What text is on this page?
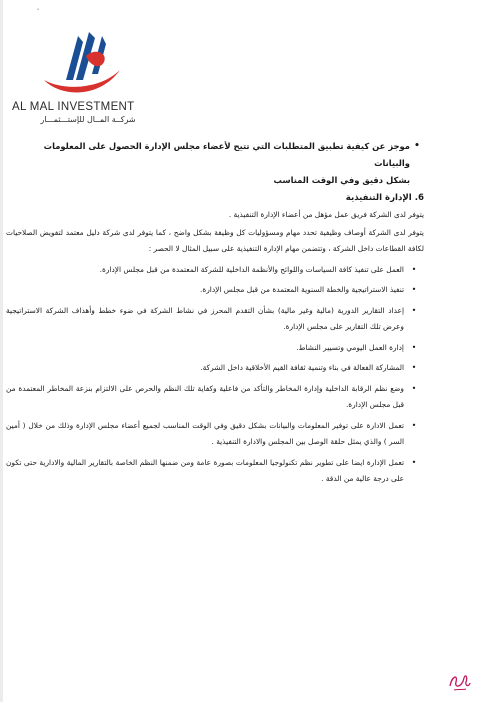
ˇ
AL MAL INVESTMENT
شركــة المــال للإستـــثمـــار
•
موجز عن كيفية تطبيق المتطلبات التي تتيح لأعضاء مجلس الإدارة الحصول على المعلومات والبيانات
بشكل دقيق وفي الوقت المناسب
6. الإدارة التنفيذية
يتوفر لدى الشركة فريق عمل مؤهل من أعضاء الإدارة التنفيذية .
يتوفر لدى الشركة أوصاف وظيفية تحدد مهام ومسؤوليات كل وظيفة بشكل واضح ، كما يتوفر لدى شركة دليل معتمد لتفويض الصلاحيات لكافة القطاعات داخل الشركة ، وتتضمن مهام الإدارة التنفيذية على سبيل المثال لا الحصر :
•
العمل على تنفيذ كافة السياسات واللوائح والأنظمة الداخلية للشركة المعتمدة من قبل مجلس الإدارة.
•
تنفيذ الاستراتيجية والخطة السنوية المعتمدة من قبل مجلس الإدارة.
•
إعداد التقارير الدورية (مالية وغير مالية) بشأن التقدم المحرز في نشاط الشركة في ضوء خطط وأهداف الشركة الاستراتيجية وعرض تلك التقارير على مجلس الإدارة.
•
إدارة العمل اليومي وتسيير النشاط.
•
المشاركة الفعالة في بناء وتنمية ثقافة القيم الأخلاقية داخل الشركة.
•
وضع نظم الرقابة الداخلية وإدارة المخاطر والتأكد من فاعلية وكفاية تلك النظم والحرص على الالتزام بنزعة المخاطر المعتمدة من قبل مجلس الإدارة.
•
تعمل الادارة على توفير المعلومات والبيانات بشكل دقيق وفي الوقت المناسب لجميع أعضاء مجلس الإدارة وذلك من خلال ( أمين السر ) والذي يمثل حلقة الوصل بين المجلس والادارة التنفيذية .
•
تعمل الإدارة ايضا على تطوير نظم تكنولوجيا المعلومات بصورة عامة ومن ضمنها النظم الخاصة بالتقارير المالية والادارية حتى تكون على درجة عالية من الدقة .
